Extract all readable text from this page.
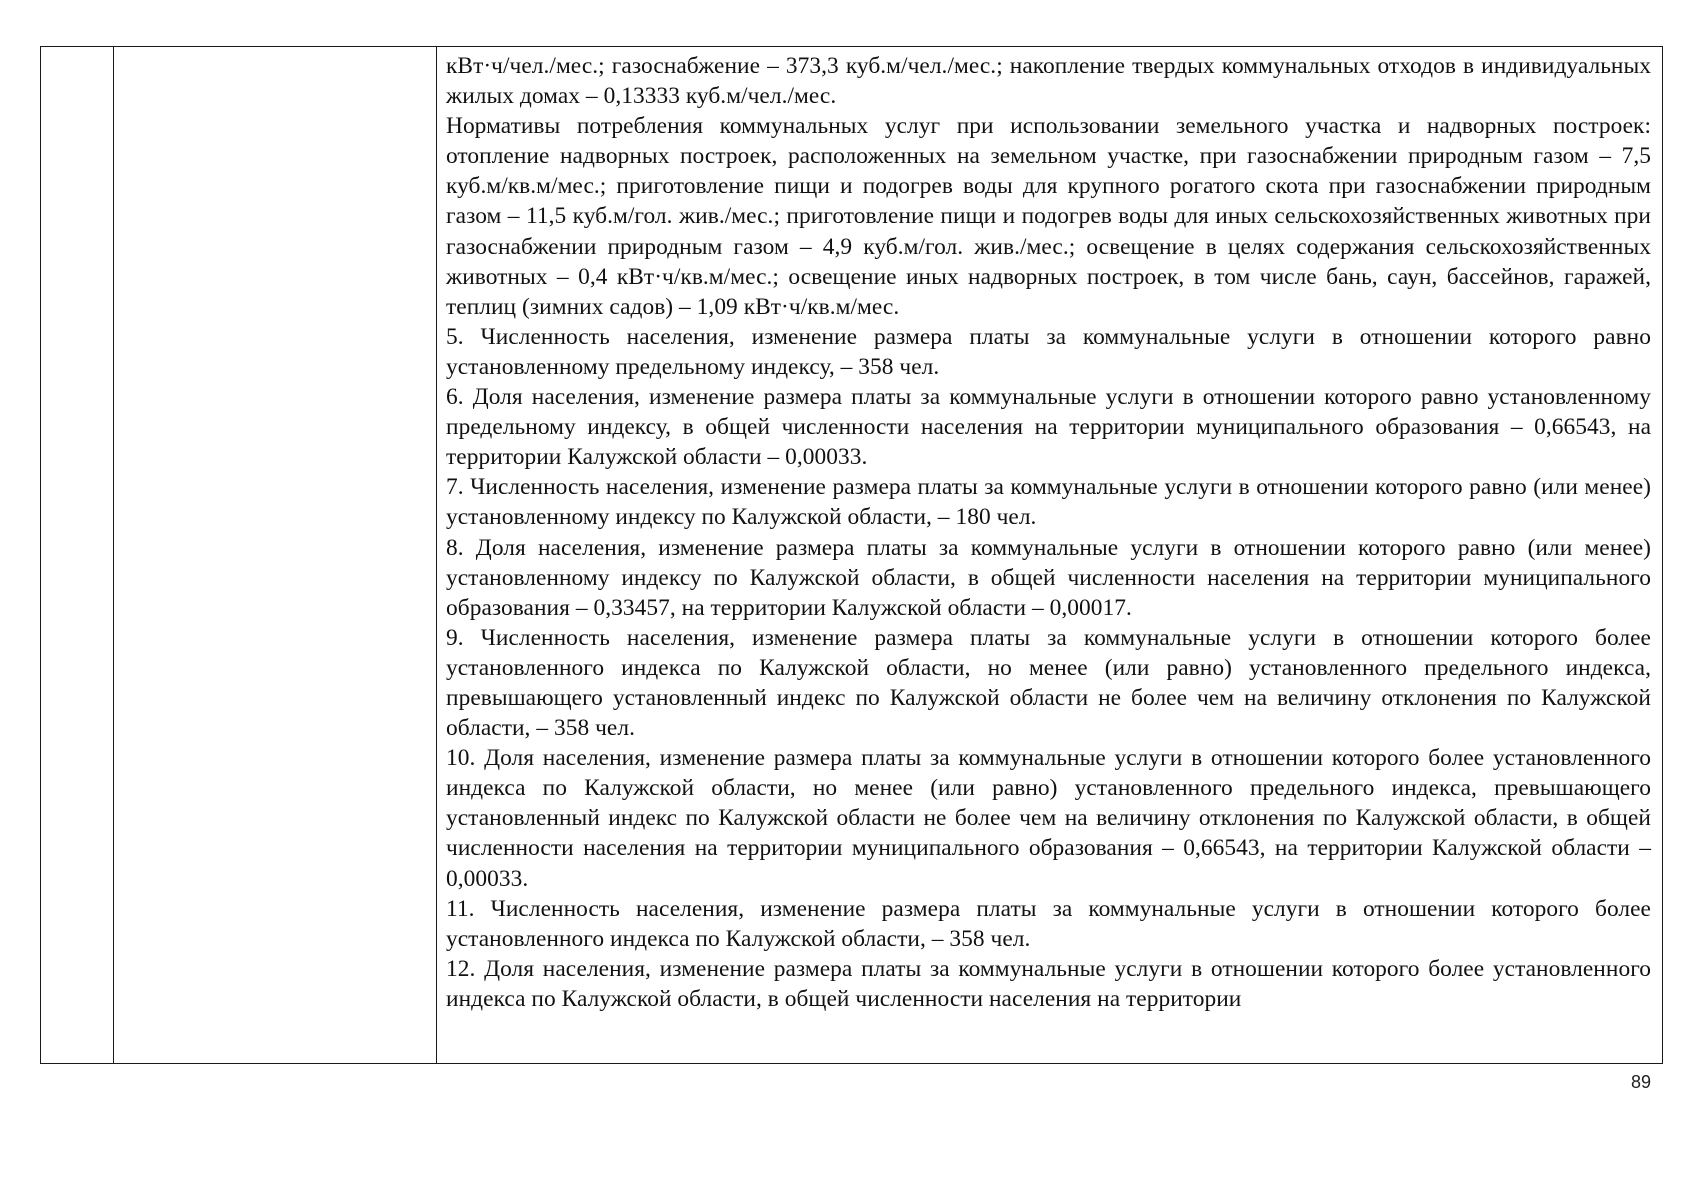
кВт·ч/чел./мес.; газоснабжение – 373,3 куб.м/чел./мес.; накопление твердых коммунальных отходов в индивидуальных жилых домах – 0,13333 куб.м/чел./мес.

Нормативы потребления коммунальных услуг при использовании земельного участка и надворных построек: отопление надворных построек, расположенных на земельном участке, при газоснабжении природным газом – 7,5 куб.м/кв.м/мес.; приготовление пищи и подогрев воды для крупного рогатого скота при газоснабжении природным газом – 11,5 куб.м/гол. жив./мес.; приготовление пищи и подогрев воды для иных сельскохозяйственных животных при газоснабжении природным газом – 4,9 куб.м/гол. жив./мес.; освещение в целях содержания сельскохозяйственных животных – 0,4 кВт·ч/кв.м/мес.; освещение иных надворных построек, в том числе бань, саун, бассейнов, гаражей, теплиц (зимних садов) – 1,09 кВт·ч/кв.м/мес.

5. Численность населения, изменение размера платы за коммунальные услуги в отношении которого равно установленному предельному индексу, – 358 чел.

6. Доля населения, изменение размера платы за коммунальные услуги в отношении которого равно установленному предельному индексу, в общей численности населения на территории муниципального образования – 0,66543, на территории Калужской области – 0,00033.

7. Численность населения, изменение размера платы за коммунальные услуги в отношении которого равно (или менее) установленному индексу по Калужской области, – 180 чел.

8. Доля населения, изменение размера платы за коммунальные услуги в отношении которого равно (или менее) установленному индексу по Калужской области, в общей численности населения на территории муниципального образования – 0,33457, на территории Калужской области – 0,00017.

9. Численность населения, изменение размера платы за коммунальные услуги в отношении которого более установленного индекса по Калужской области, но менее (или равно) установленного предельного индекса, превышающего установленный индекс по Калужской области не более чем на величину отклонения по Калужской области, – 358 чел.

10. Доля населения, изменение размера платы за коммунальные услуги в отношении которого более установленного индекса по Калужской области, но менее (или равно) установленного предельного индекса, превышающего установленный индекс по Калужской области не более чем на величину отклонения по Калужской области, в общей численности населения на территории муниципального образования – 0,66543, на территории Калужской области – 0,00033.

11. Численность населения, изменение размера платы за коммунальные услуги в отношении которого более установленного индекса по Калужской области, – 358 чел.

12. Доля населения, изменение размера платы за коммунальные услуги в отношении которого более установленного индекса по Калужской области, в общей численности населения на территории

89
